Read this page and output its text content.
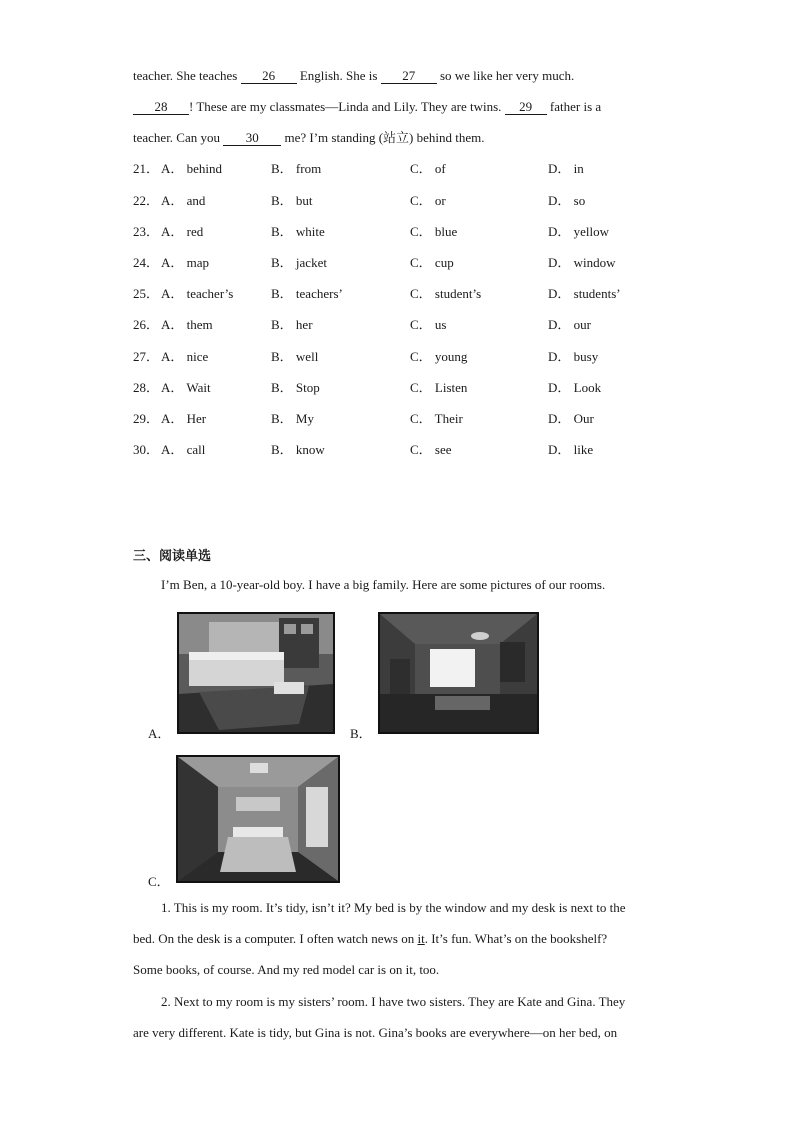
teacher. She teaches 26 English. She is 27 so we like her very much.
28 ! These are my classmates—Linda and Lily. They are twins. 29 father is a
teacher. Can you 30 me? I’m standing (站立) behind them.
21． A． behind	B． from	C． of	D． in
22． A． and	B． but	C． or	D． so
23． A． red	B． white	C． blue	D． yellow
24． A． map	B． jacket	C． cup	D． window
25． A． teacher’s	B． teachers’	C． student’s	D． students’
26． A． them	B． her	C． us	D． our
27． A． nice	B． well	C． young	D． busy
28． A． Wait	B． Stop	C． Listen	D． Look
29． A． Her	B． My	C． Their	D． Our
30． A． call	B． know	C． see	D． like
三、阅读单选
I’m Ben, a 10-year-old boy. I have a big family. Here are some pictures of our rooms.
A．	B．
C．
1. This is my room. It’s tidy, isn’t it? My bed is by the window and my desk is next to the
bed. On the desk is a computer. I often watch news on it. It’s fun. What’s on the bookshelf?
Some books, of course. And my red model car is on it, too.
2. Next to my room is my sisters’ room. I have two sisters. They are Kate and Gina. They
are very different. Kate is tidy, but Gina is not. Gina’s books are everywhere—on her bed, on
